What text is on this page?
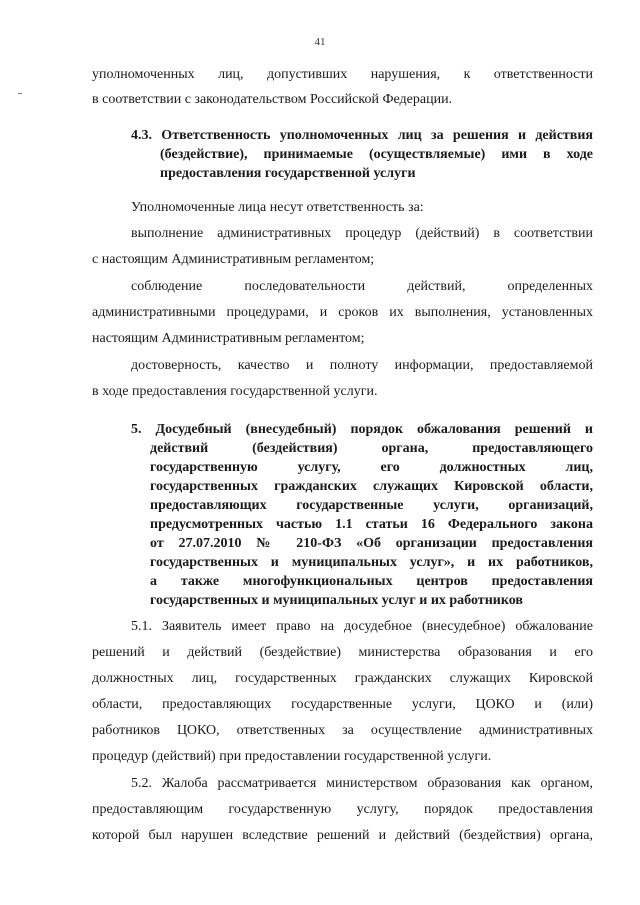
41
уполномоченных лиц, допустивших нарушения, к ответственности
в соответствии с законодательством Российской Федерации.
4.3. Ответственность уполномоченных лиц за решения и действия
(бездействие), принимаемые (осуществляемые) ими в ходе
предоставления государственной услуги
Уполномоченные лица несут ответственность за:
выполнение административных процедур (действий) в соответствии
с настоящим Административным регламентом;
соблюдение последовательности действий, определенных
административными процедурами, и сроков их выполнения, установленных
настоящим Административным регламентом;
достоверность, качество и полноту информации, предоставляемой
в ходе предоставления государственной услуги.
5. Досудебный (внесудебный) порядок обжалования решений и
действий (бездействия) органа, предоставляющего
государственную услугу, его должностных лиц,
государственных гражданских служащих Кировской области,
предоставляющих государственные услуги, организаций,
предусмотренных частью 1.1 статьи 16 Федерального закона
от 27.07.2010 № 210-ФЗ «Об организации предоставления
государственных и муниципальных услуг», и их работников,
а также многофункциональных центров предоставления
государственных и муниципальных услуг и их работников
5.1. Заявитель имеет право на досудебное (внесудебное) обжалование
решений и действий (бездействие) министерства образования и его
должностных лиц, государственных гражданских служащих Кировской
области, предоставляющих государственные услуги, ЦОКО и (или)
работников ЦОКО, ответственных за осуществление административных
процедур (действий) при предоставлении государственной услуги.
5.2. Жалоба рассматривается министерством образования как органом,
предоставляющим государственную услугу, порядок предоставления
которой был нарушен вследствие решений и действий (бездействия) органа,
